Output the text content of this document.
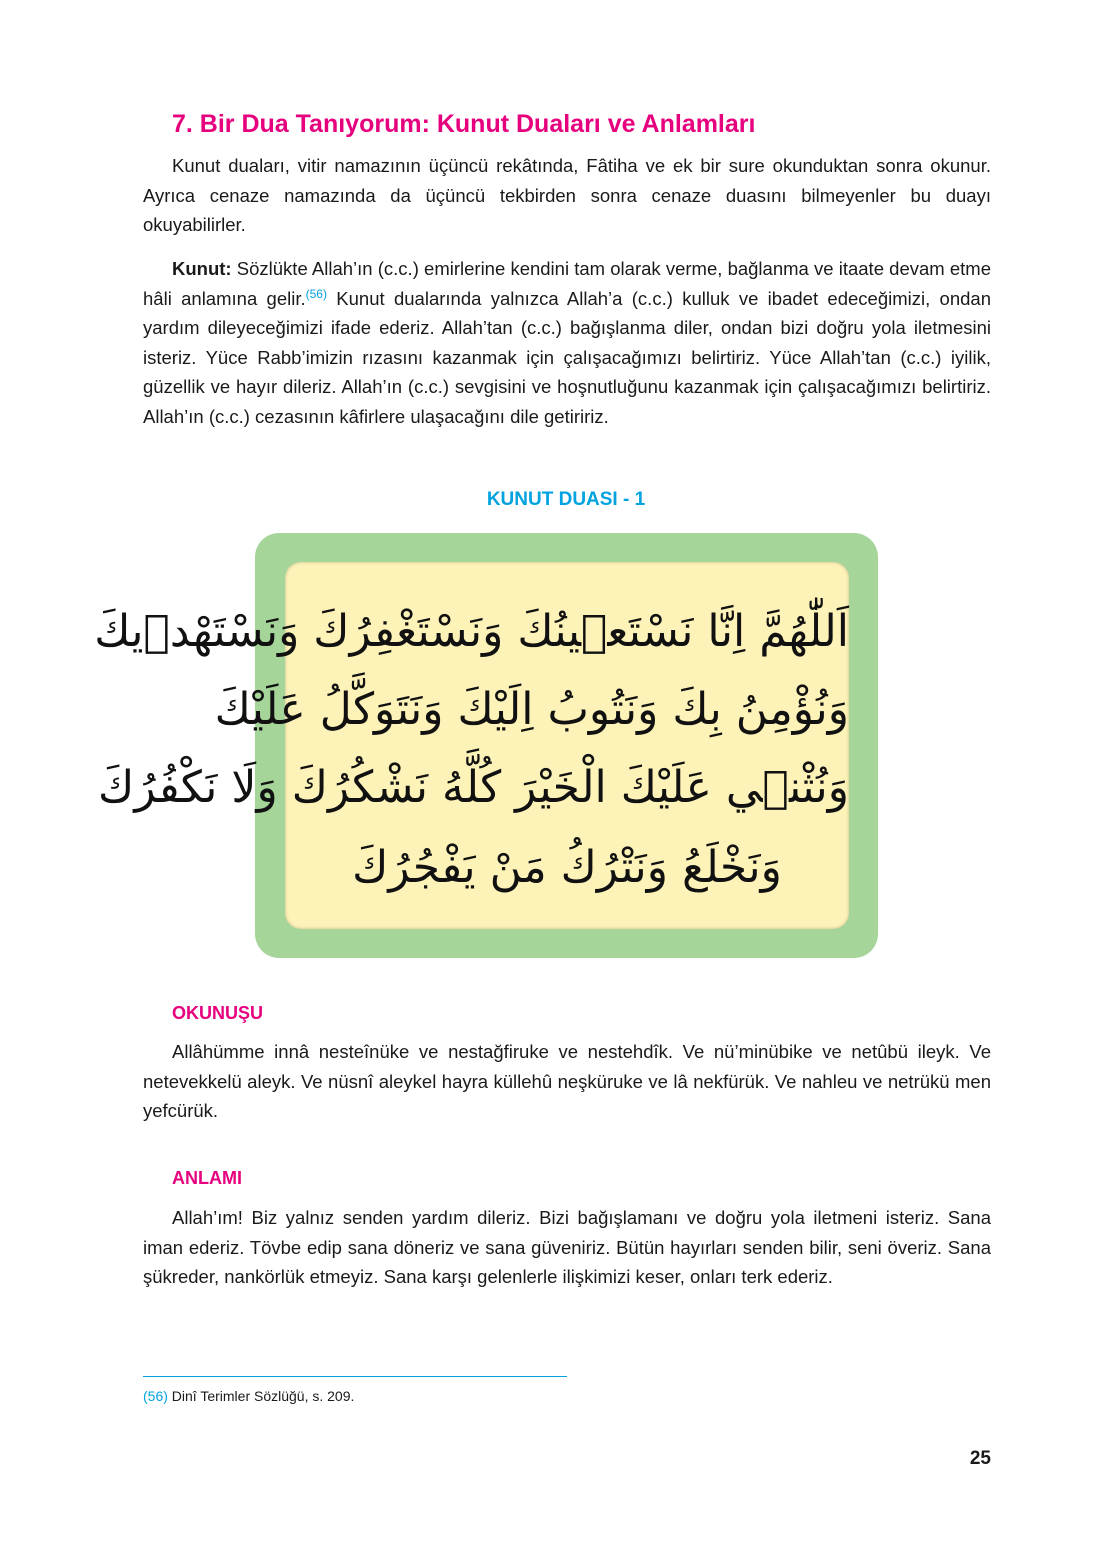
7. Bir Dua Tanıyorum: Kunut Duaları ve Anlamları

Kunut duaları, vitir namazının üçüncü rekâtında, Fâtiha ve ek bir sure okunduktan sonra okunur. Ayrıca cenaze namazında da üçüncü tekbirden sonra cenaze duasını bilmeyenler bu duayı okuyabilirler.

Kunut: Sözlükte Allah’ın (c.c.) emirlerine kendini tam olarak verme, bağlanma ve itaate devam etme hâli anlamına gelir.$^{(56)}$ Kunut dualarında yalnızca Allah’a (c.c.) kulluk ve ibadet edeceğimizi, ondan yardım dileyeceğimizi ifade ederiz. Allah’tan (c.c.) bağışlanma diler, ondan bizi doğru yola iletmesini isteriz. Yüce Rabb’imizin rızasını kazanmak için çalışacağımızı belirtiriz. Yüce Allah’tan (c.c.) iyilik, güzellik ve hayır dileriz. Allah’ın (c.c.) sevgisini ve hoşnutluğunu kazanmak için çalışacağımızı belirtiriz. Allah’ın (c.c.) cezasının kâfirlere ulaşacağını dile getiririz.

KUNUT DUASI - 1
اَللّٰهُمَّ اِنَّا نَسْتَع۪ينُكَ وَنَسْتَغْفِرُكَ وَنَسْتَهْد۪يكَ
وَنُؤْمِنُ بِكَ وَنَتُوبُ اِلَيْكَ وَنَتَوَكَّلُ عَلَيْكَ
وَنُثْن۪ي عَلَيْكَ الْخَيْرَ كُلَّهُ نَشْكُرُكَ وَلَا نَكْفُرُكَ
وَنَخْلَعُ وَنَتْرُكُ مَنْ يَفْجُرُكَ
OKUNUŞU

Allâhümme innâ nesteînüke ve nestağfiruke ve nestehdîk. Ve nü’minübike ve netûbü ileyk. Ve netevekkelü aleyk. Ve nüsnî aleykel hayra küllehû neşküruke ve lâ nekfürük. Ve nahleu ve netrükü men yefcürük.

ANLAMI

Allah’ım! Biz yalnız senden yardım dileriz. Bizi bağışlamanı ve doğru yola iletmeni isteriz. Sana iman ederiz. Tövbe edip sana döneriz ve sana güveniriz. Bütün hayırları senden bilir, seni överiz. Sana şükreder, nankörlük etmeyiz. Sana karşı gelenlerle ilişkimizi keser, onları terk ederiz.

(56) Dinî Terimler Sözlüğü, s. 209.
25
